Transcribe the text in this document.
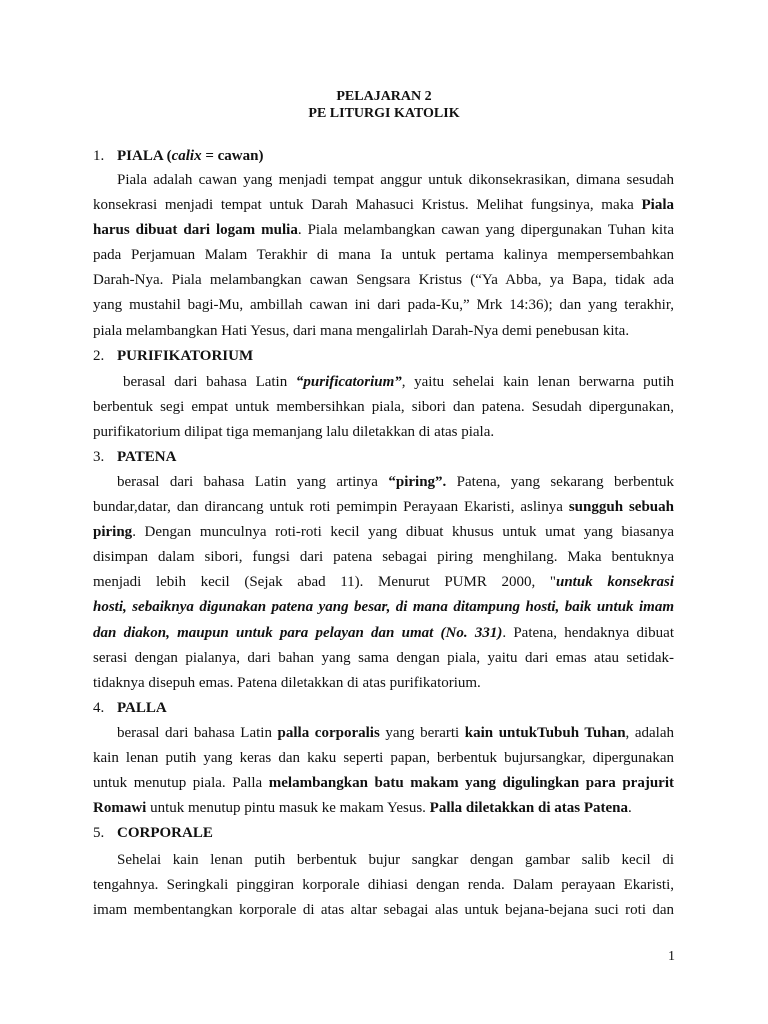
PELAJARAN 2
PE LITURGI KATOLIK
1. PIALA (calix = cawan)
Piala adalah cawan yang menjadi tempat anggur untuk dikonsekrasikan, dimana sesudah
konsekrasi menjadi tempat untuk Darah Mahasuci Kristus. Melihat fungsinya, maka Piala
harus dibuat dari logam mulia. Piala melambangkan cawan yang dipergunakan Tuhan kita
pada Perjamuan Malam Terakhir di mana Ia untuk pertama kalinya mempersembahkan
Darah-Nya. Piala melambangkan cawan Sengsara Kristus (“Ya Abba, ya Bapa, tidak ada
yang mustahil bagi-Mu, ambillah cawan ini dari pada-Ku,” Mrk 14:36); dan yang terakhir,
piala melambangkan Hati Yesus, dari mana mengalirlah Darah-Nya demi penebusan kita.
2. PURIFIKATORIUM
berasal dari bahasa Latin “purificatorium”, yaitu sehelai kain lenan berwarna putih
berbentuk segi empat untuk membersihkan piala, sibori dan patena. Sesudah dipergunakan,
purifikatorium dilipat tiga memanjang lalu diletakkan di atas piala.
3. PATENA
berasal dari bahasa Latin yang artinya “piring”. Patena, yang sekarang berbentuk
bundar,datar, dan dirancang untuk roti pemimpin Perayaan Ekaristi, aslinya sungguh sebuah
piring. Dengan munculnya roti-roti kecil yang dibuat khusus untuk umat yang biasanya
disimpan dalam sibori, fungsi dari patena sebagai piring menghilang. Maka bentuknya
menjadi lebih kecil (Sejak abad 11). Menurut PUMR 2000, "untuk konsekrasi
hosti, sebaiknya digunakan patena yang besar, di mana ditampung hosti, baik untuk imam
dan diakon, maupun untuk para pelayan dan umat (No. 331). Patena, hendaknya dibuat
serasi dengan pialanya, dari bahan yang sama dengan piala, yaitu dari emas atau setidak-
tidaknya disepuh emas. Patena diletakkan di atas purifikatorium.
4. PALLA
berasal dari bahasa Latin palla corporalis yang berarti kain untukTubuh Tuhan, adalah
kain lenan putih yang keras dan kaku seperti papan, berbentuk bujursangkar, dipergunakan
untuk menutup piala. Palla melambangkan batu makam yang digulingkan para prajurit
Romawi untuk menutup pintu masuk ke makam Yesus. Palla diletakkan di atas Patena.
5. CORPORALE
Sehelai kain lenan putih berbentuk bujur sangkar dengan gambar salib kecil di
tengahnya. Seringkali pinggiran korporale dihiasi dengan renda. Dalam perayaan Ekaristi,
imam membentangkan korporale di atas altar sebagai alas untuk bejana-bejana suci roti dan
1
